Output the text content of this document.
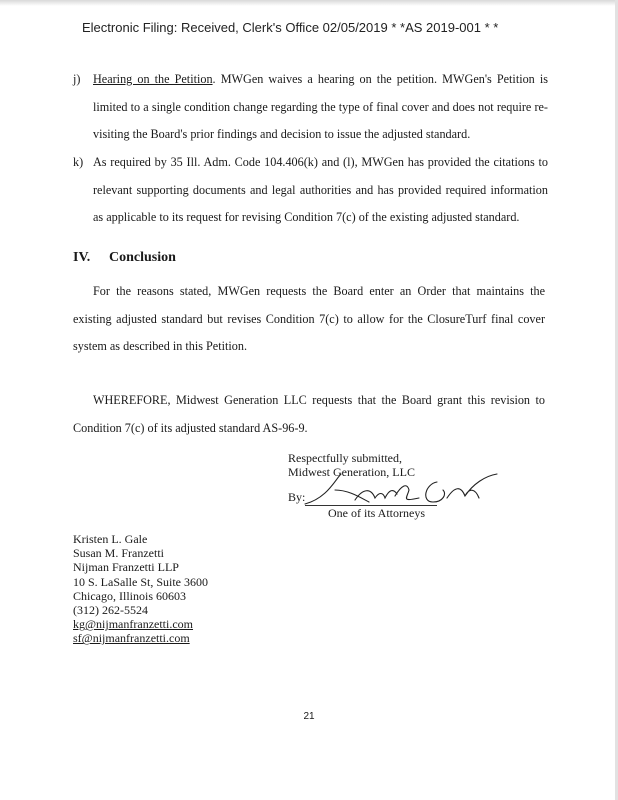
Electronic Filing: Received, Clerk's Office 02/05/2019 * *AS 2019-001 * *
j) Hearing on the Petition. MWGen waives a hearing on the petition. MWGen's Petition is limited to a single condition change regarding the type of final cover and does not require re-visiting the Board's prior findings and decision to issue the adjusted standard.
k) As required by 35 Ill. Adm. Code 104.406(k) and (l), MWGen has provided the citations to relevant supporting documents and legal authorities and has provided required information as applicable to its request for revising Condition 7(c) of the existing adjusted standard.
IV. Conclusion
For the reasons stated, MWGen requests the Board enter an Order that maintains the existing adjusted standard but revises Condition 7(c) to allow for the ClosureTurf final cover system as described in this Petition.
WHEREFORE, Midwest Generation LLC requests that the Board grant this revision to Condition 7(c) of its adjusted standard AS-96-9.
Respectfully submitted,
Midwest Generation, LLC
By:
One of its Attorneys
Kristen L. Gale
Susan M. Franzetti
Nijman Franzetti LLP
10 S. LaSalle St, Suite 3600
Chicago, Illinois 60603
(312) 262-5524
kg@nijmanfranzetti.com
sf@nijmanfranzetti.com
21
